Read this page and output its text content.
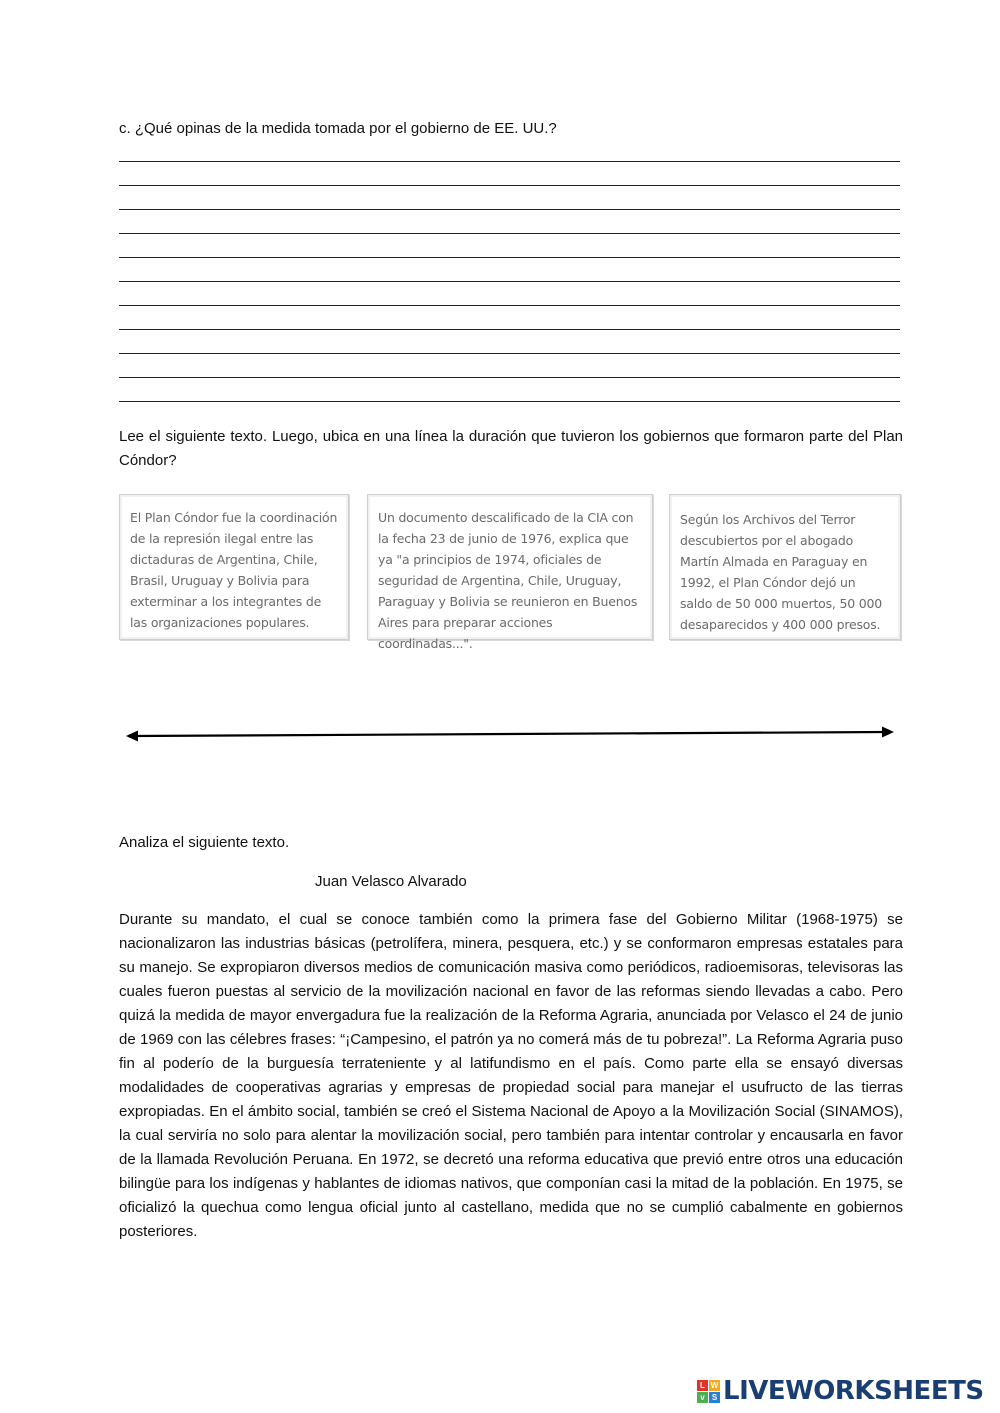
c. ¿Qué opinas de la medida tomada por el gobierno de EE. UU.?
Lee el siguiente texto. Luego, ubica en una línea la duración que tuvieron los gobiernos que formaron parte del Plan Cóndor?
El Plan Cóndor fue la coordinación de la represión ilegal entre las dictaduras de Argentina, Chile, Brasil, Uruguay y Bolivia para exterminar a los integrantes de las organizaciones populares.
Un documento descalificado de la CIA con la fecha 23 de junio de 1976, explica que ya "a principios de 1974, oficiales de seguridad de Argentina, Chile, Uruguay, Paraguay y Bolivia se reunieron en Buenos Aires para preparar acciones coordinadas...".
Según los Archivos del Terror descubiertos por el abogado Martín Almada en Paraguay en 1992, el Plan Cóndor dejó un saldo de 50 000 muertos, 50 000 desaparecidos y 400 000 presos.
Analiza el siguiente texto.
Juan Velasco Alvarado
Durante su mandato, el cual se conoce también como la primera fase del Gobierno Militar (1968-1975) se nacionalizaron las industrias básicas (petrolífera, minera, pesquera, etc.) y se conformaron empresas estatales para su manejo. Se expropiaron diversos medios de comunicación masiva como periódicos, radioemisoras, televisoras las cuales fueron puestas al servicio de la movilización nacional en favor de las reformas siendo llevadas a cabo. Pero quizá la medida de mayor envergadura fue la realización de la Reforma Agraria, anunciada por Velasco el 24 de junio de 1969 con las célebres frases: “¡Campesino, el patrón ya no comerá más de tu pobreza!”. La Reforma Agraria puso fin al poderío de la burguesía terrateniente y al latifundismo en el país. Como parte ella se ensayó diversas modalidades de cooperativas agrarias y empresas de propiedad social para manejar el usufructo de las tierras expropiadas. En el ámbito social, también se creó el Sistema Nacional de Apoyo a la Movilización Social (SINAMOS), la cual serviría no solo para alentar la movilización social, pero también para intentar controlar y encausarla en favor de la llamada Revolución Peruana. En 1972, se decretó una reforma educativa que previó entre otros una educación bilingüe para los indígenas y hablantes de idiomas nativos, que componían casi la mitad de la población. En 1975, se oficializó la quechua como lengua oficial junto al castellano, medida que no se cumplió cabalmente en gobiernos posteriores.
L W
v S LIVEWORKSHEETS
